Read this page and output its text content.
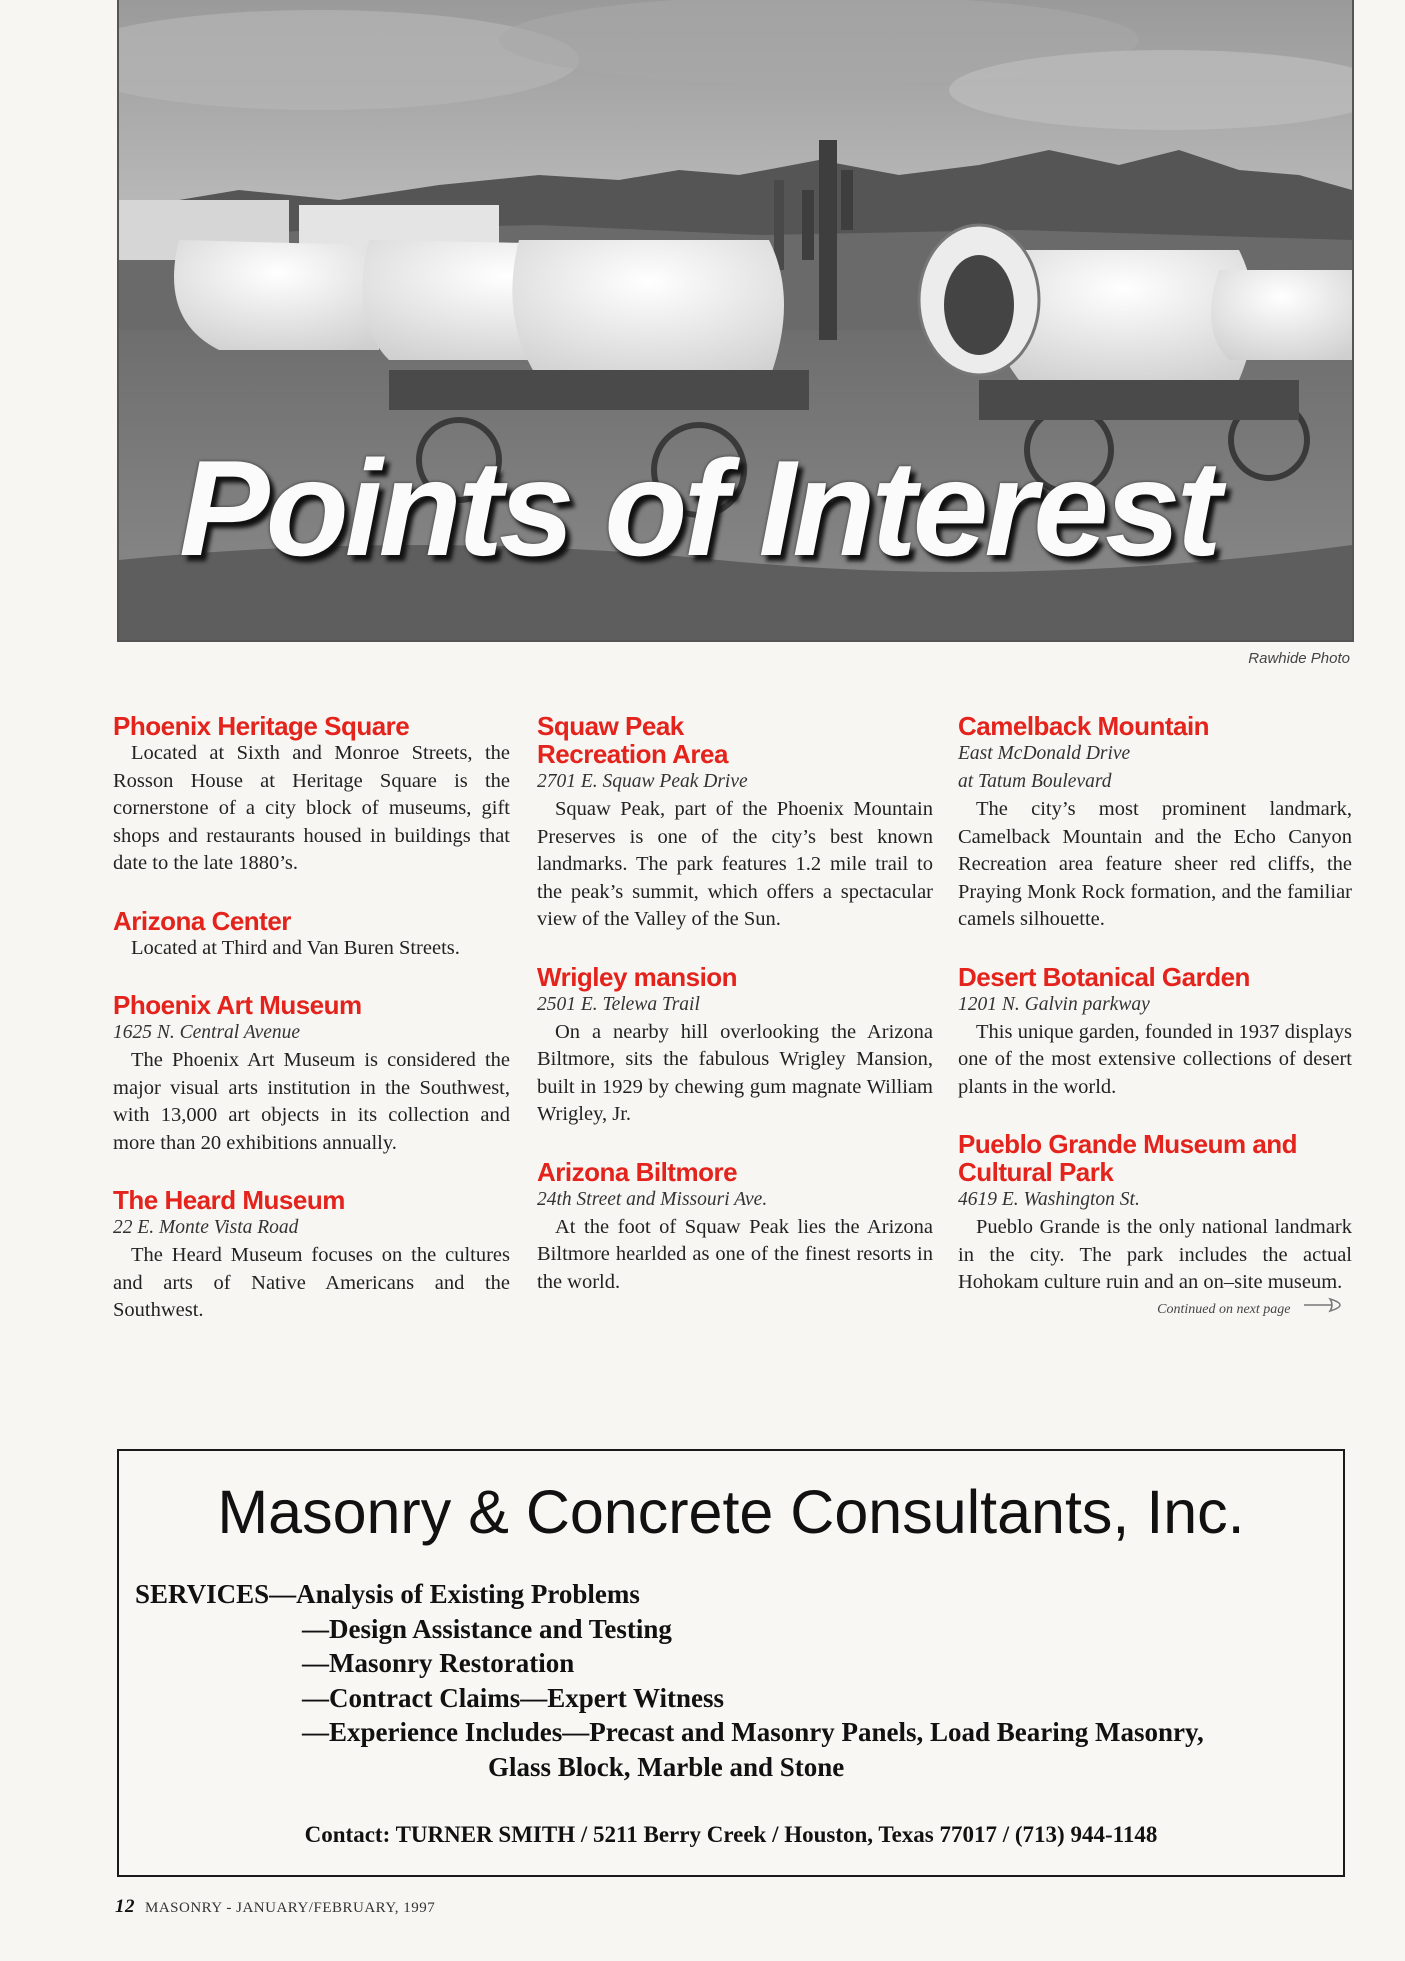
Points of Interest
Rawhide Photo
Phoenix Heritage Square

Located at Sixth and Monroe Streets, the Rosson House at Heritage Square is the cornerstone of a city block of museums, gift shops and restaurants housed in buildings that date to the late 1880’s.

Arizona Center

Located at Third and Van Buren Streets.

Phoenix Art Museum
1625 N. Central Avenue

The Phoenix Art Museum is considered the major visual arts institution in the Southwest, with 13,000 art objects in its collection and more than 20 exhibitions annually.

The Heard Museum
22 E. Monte Vista Road

The Heard Museum focuses on the cultures and arts of Native Americans and the Southwest.

Squaw Peak Recreation Area
2701 E. Squaw Peak Drive

Squaw Peak, part of the Phoenix Mountain Preserves is one of the city’s best known landmarks. The park features 1.2 mile trail to the peak’s summit, which offers a spectacular view of the Valley of the Sun.

Wrigley mansion
2501 E. Telewa Trail

On a nearby hill overlooking the Arizona Biltmore, sits the fabulous Wrigley Mansion, built in 1929 by chewing gum magnate William Wrigley, Jr.

Arizona Biltmore
24th Street and Missouri Ave.

At the foot of Squaw Peak lies the Arizona Biltmore hearlded as one of the finest resorts in the world.

Camelback Mountain
East McDonald Drive
at Tatum Boulevard

The city’s most prominent landmark, Camelback Mountain and the Echo Canyon Recreation area feature sheer red cliffs, the Praying Monk Rock formation, and the familiar camels silhouette.

Desert Botanical Garden
1201 N. Galvin parkway

This unique garden, founded in 1937 displays one of the most extensive collections of desert plants in the world.

Pueblo Grande Museum and Cultural Park
4619 E. Washington St.

Pueblo Grande is the only national landmark in the city. The park includes the actual Hohokam culture ruin and an on–site museum.

Continued on next page
Masonry & Concrete Consultants, Inc.
SERVICES —Analysis of Existing Problems
—Design Assistance and Testing
—Masonry Restoration
—Contract Claims—Expert Witness
—Experience Includes—Precast and Masonry Panels, Load Bearing Masonry,
Glass Block, Marble and Stone
Contact: TURNER SMITH / 5211 Berry Creek / Houston, Texas 77017 / (713) 944-1148
12 MASONRY - JANUARY/FEBRUARY, 1997
